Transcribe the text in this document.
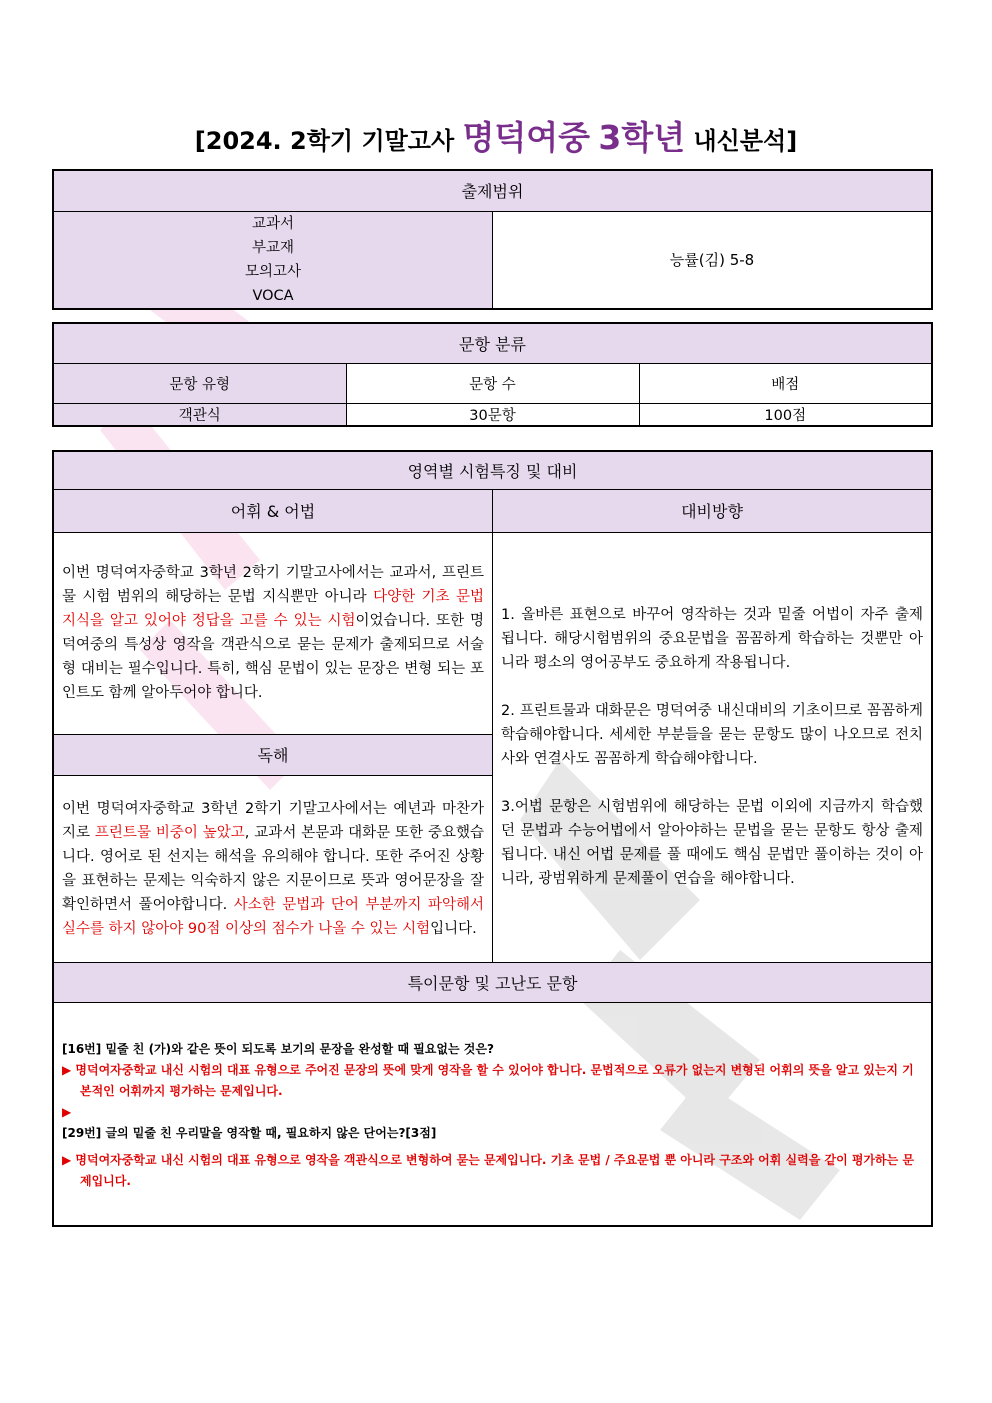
[2024. 2학기 기말고사 명덕여중 3학년 내신분석]
출제범위

교과서
부교재
모의고사
VOCA
	능률(김) 5-8
문항 분류		
문항 유형	문항 수	배점
객관식	30문항	100점
영역별 시험특징 및 대비	
어휘 & 어법	대비방향

이번 명덕여자중학교 3학년 2학기 기말고사에서는 교과서, 프린트물 시험 범위의 해당하는 문법 지식뿐만 아니라 다양한 기초 문법 지식을 알고 있어야 정답을 고를 수 있는 시험이었습니다. 또한 명덕여중의 특성상 영작을 객관식으로 묻는 문제가 출제되므로 서술형 대비는 필수입니다. 특히, 핵심 문법이 있는 문장은 변형 되는 포인트도 함께 알아두어야 합니다.	1. 올바른 표현으로 바꾸어 영작하는 것과 밑줄 어법이 자주 출제 됩니다. 해당시험범위의 중요문법을 꼼꼼하게 학습하는 것뿐만 아니라 평소의 영어공부도 중요하게 작용됩니다.
2. 프린트물과 대화문은 명덕여중 내신대비의 기초이므로 꼼꼼하게 학습해야합니다. 세세한 부분들을 묻는 문항도 많이 나오므로 전치사와 연결사도 꼼꼼하게 학습해야합니다.
3.어법 문항은 시험범위에 해당하는 문법 이외에 지금까지 학습했던 문법과 수능어법에서 알아야하는 문법을 묻는 문항도 항상 출제됩니다. 내신 어법 문제를 풀 때에도 핵심 문법만 풀이하는 것이 아니라, 광범위하게 문제풀이 연습을 해야합니다.

독해	

이번 명덕여자중학교 3학년 2학기 기말고사에서는 예년과 마찬가지로 프린트물 비중이 높았고, 교과서 본문과 대화문 또한 중요했습니다. 영어로 된 선지는 해석을 유의해야 합니다. 또한 주어진 상황을 표현하는 문제는 익숙하지 않은 지문이므로 뜻과 영어문장을 잘 확인하면서 풀어야합니다. 사소한 문법과 단어 부분까지 파악해서 실수를 하지 않아야 90점 이상의 점수가 나올 수 있는 시험입니다.	

특이문항 및 고난도 문항	

[16번] 밑줄 친 (가)와 같은 뜻이 되도록 보기의 문장을 완성할 때 필요없는 것은?
▶ 명덕여자중학교 내신 시험의 대표 유형으로 주어진 문장의 뜻에 맞게 영작을 할 수 있어야 합니다. 문법적으로 오류가 없는지 변형된 어휘의 뜻을 알고 있는지 기본적인 어휘까지 평가하는 문제입니다.
▶
[29번] 글의 밑줄 친 우리말을 영작할 때, 필요하지 않은 단어는?[3점]
▶ 명덕여자중학교 내신 시험의 대표 유형으로 영작을 객관식으로 변형하여 묻는 문제입니다. 기초 문법 / 주요문법 뿐 아니라 구조와 어휘 실력을 같이 평가하는 문제입니다.	
